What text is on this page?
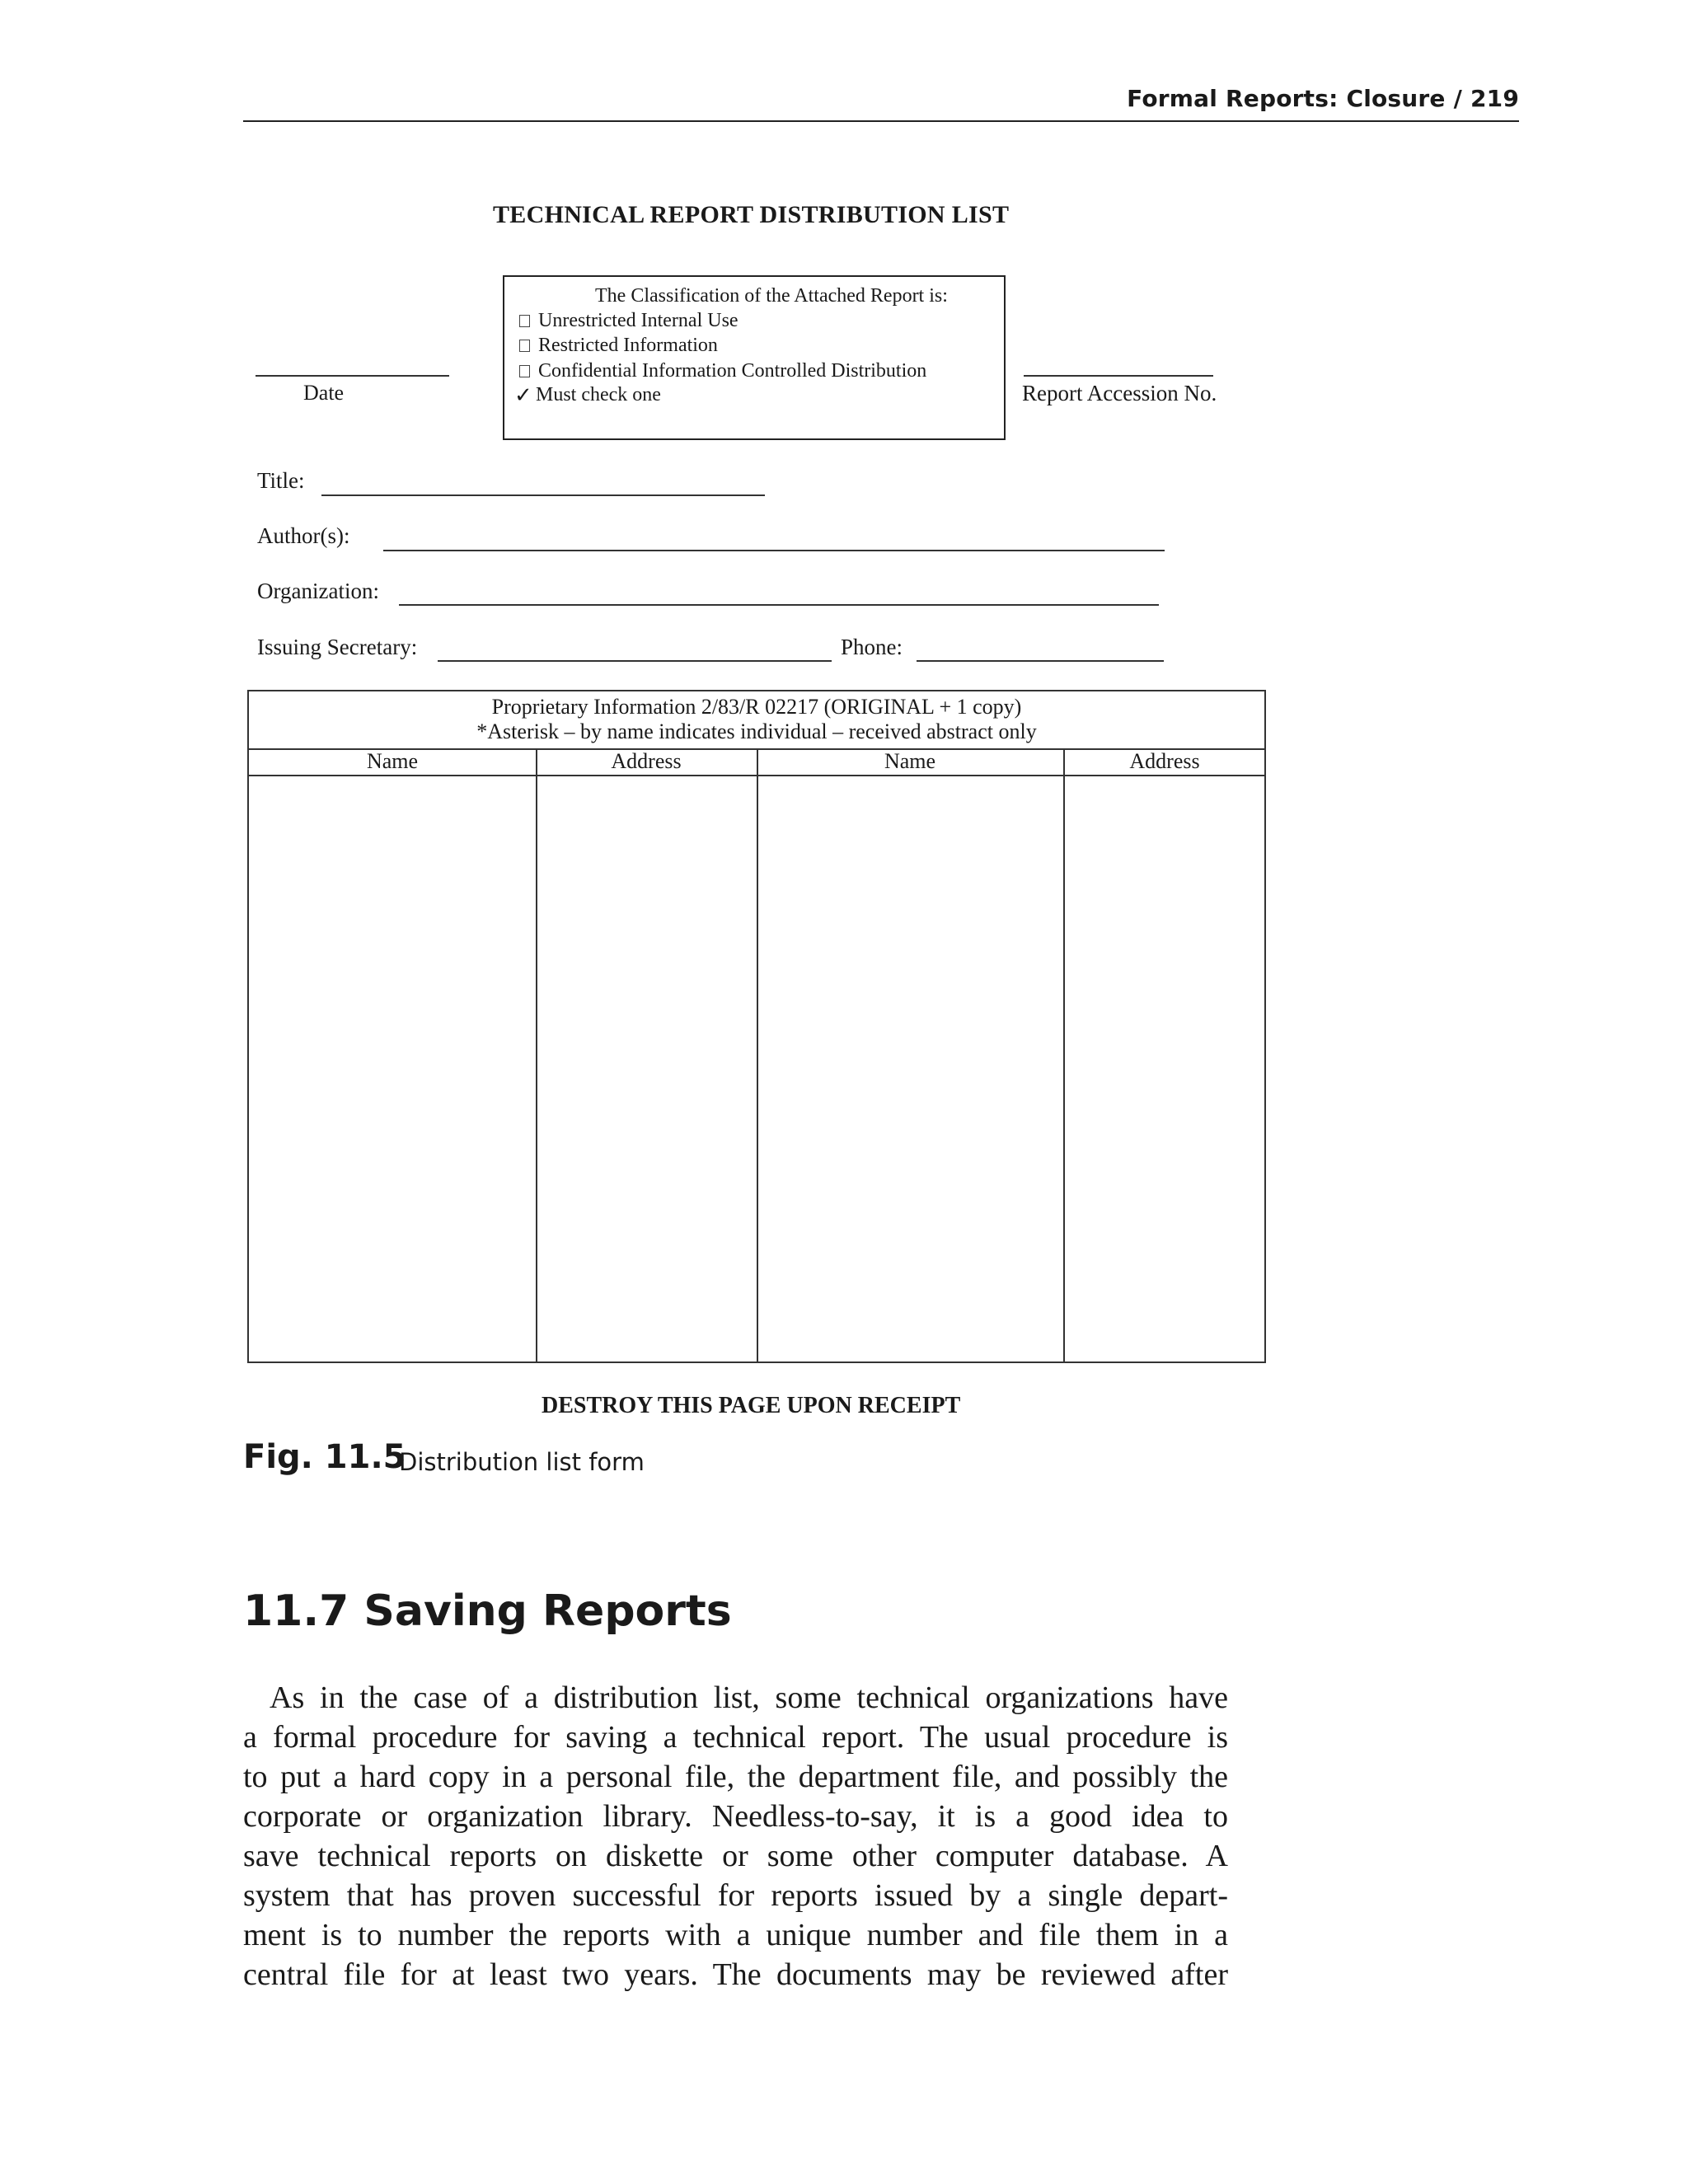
Formal Reports: Closure / 219
TECHNICAL REPORT DISTRIBUTION LIST
The Classification of the Attached Report is:
Unrestricted Internal Use
Restricted Information
Confidential Information Controlled Distribution
✓ Must check one
Date	Report Accession No.
Title:
Author(s):
Organization:
Issuing Secretary:	Phone:
Proprietary Information 2/83/R 02217 (ORIGINAL + 1 copy)
*Asterisk – by name indicates individual – received abstract only
Name	Address	Name	Address
DESTROY THIS PAGE UPON RECEIPT
Fig. 11.5
Distribution list form
11.7 Saving Reports
As in the case of a distribution list, some technical organizations have
a formal procedure for saving a technical report. The usual procedure is
to put a hard copy in a personal file, the department file, and possibly the
corporate or organization library. Needless-to-say, it is a good idea to
save technical reports on diskette or some other computer database. A
system that has proven successful for reports issued by a single depart-
ment is to number the reports with a unique number and file them in a
central file for at least two years. The documents may be reviewed after
